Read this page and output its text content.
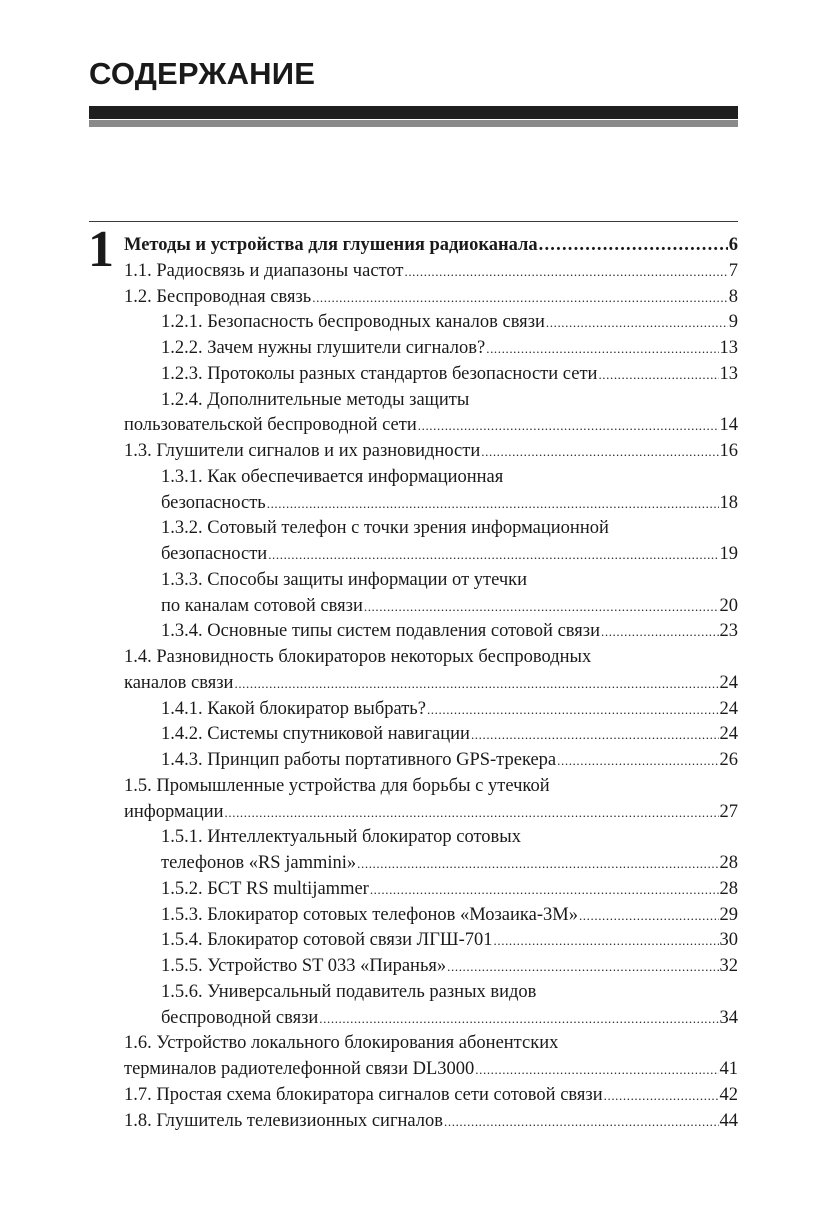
СОДЕРЖАНИЕ
1 Методы и устройства для глушения радиоканала .....	6
1.1. Радиосвязь и диапазоны частот .....	7
1.2. Беспроводная связь .....	8
1.2.1. Безопасность беспроводных каналов связи .....	9
1.2.2. Зачем нужны глушители сигналов? .....	13
1.2.3. Протоколы разных стандартов безопасности сети .....	13
1.2.4. Дополнительные методы защиты
пользовательской беспроводной сети .....	14
1.3. Глушители сигналов и их разновидности .....	16
1.3.1. Как обеспечивается информационная
безопасность .....	18
1.3.2. Сотовый телефон с точки зрения информационной
безопасности .....	19
1.3.3. Способы защиты информации от утечки
по каналам сотовой связи .....	20
1.3.4. Основные типы систем подавления сотовой связи .....	23
1.4. Разновидность блокираторов некоторых беспроводных
каналов связи .....	24
1.4.1. Какой блокиратор выбрать? .....	24
1.4.2. Системы спутниковой навигации .....	24
1.4.3. Принцип работы портативного GPS-трекера .....	26
1.5. Промышленные устройства для борьбы с утечкой
информации .....	27
1.5.1. Интеллектуальный блокиратор сотовых
телефонов «RS jammini» .....	28
1.5.2. БСТ RS multijammer .....	28
1.5.3. Блокиратор сотовых телефонов «Мозаика-3М» .....	29
1.5.4. Блокиратор сотовой связи ЛГШ-701 .....	30
1.5.5. Устройство ST 033 «Пиранья» .....	32
1.5.6. Универсальный подавитель разных видов
беспроводной связи .....	34
1.6. Устройство локального блокирования абонентских
терминалов радиотелефонной связи DL3000 .....	41
1.7. Простая схема блокиратора сигналов сети сотовой связи .....	42
1.8. Глушитель телевизионных сигналов .....	44
